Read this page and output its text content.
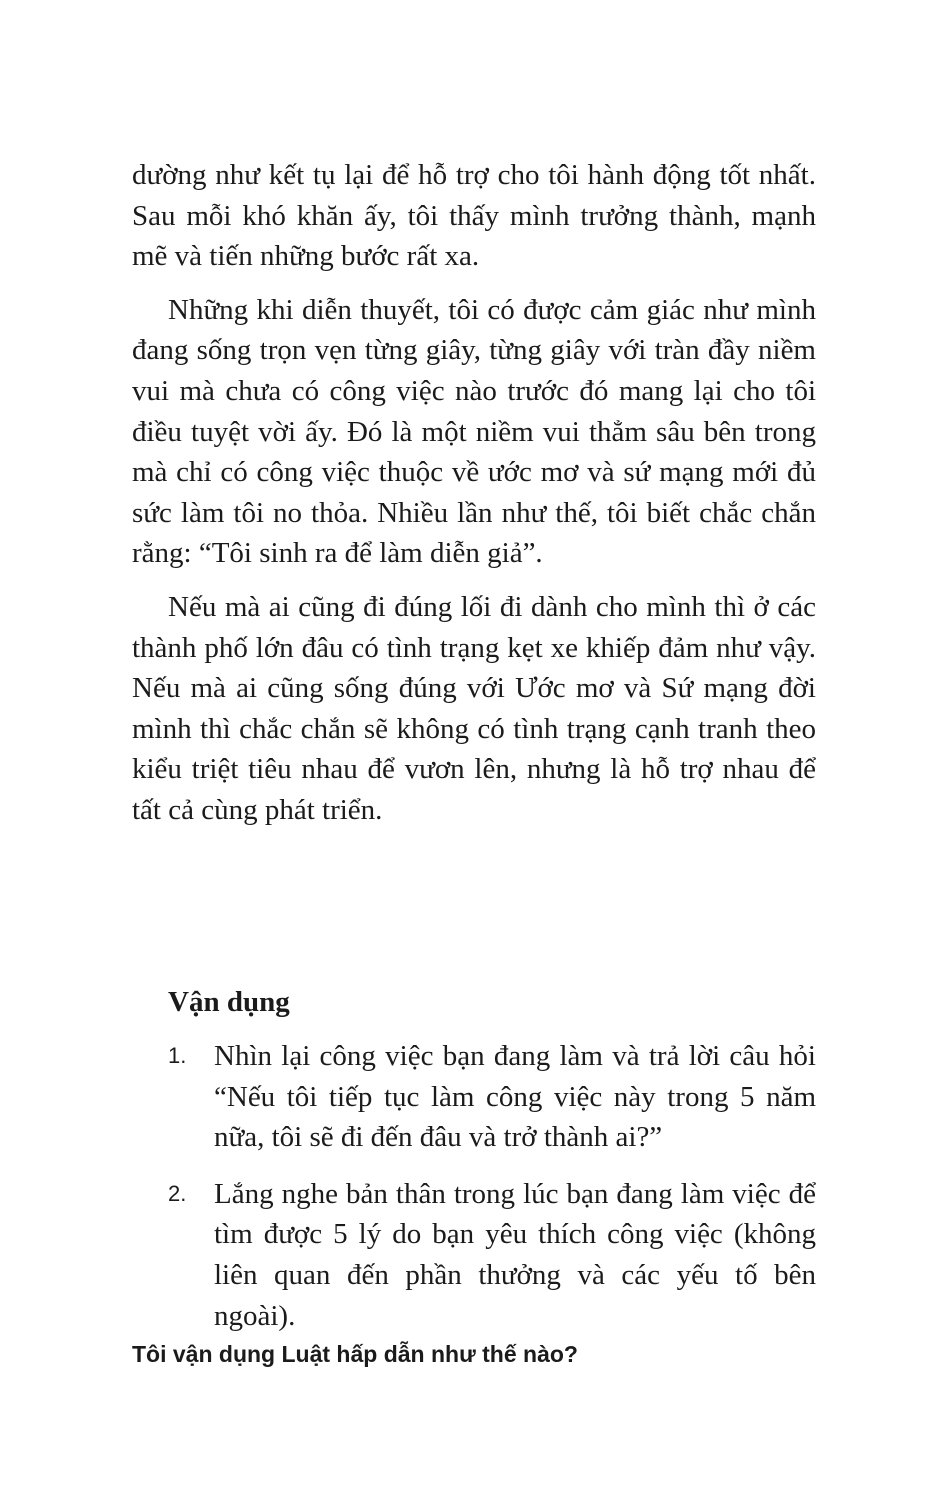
dường như kết tụ lại để hỗ trợ cho tôi hành động tốt nhất. Sau mỗi khó khăn ấy, tôi thấy mình trưởng thành, mạnh mẽ và tiến những bước rất xa.

Những khi diễn thuyết, tôi có được cảm giác như mình đang sống trọn vẹn từng giây, từng giây với tràn đầy niềm vui mà chưa có công việc nào trước đó mang lại cho tôi điều tuyệt vời ấy. Đó là một niềm vui thẳm sâu bên trong mà chỉ có công việc thuộc về ước mơ và sứ mạng mới đủ sức làm tôi no thỏa. Nhiều lần như thế, tôi biết chắc chắn rằng: “Tôi sinh ra để làm diễn giả”.

Nếu mà ai cũng đi đúng lối đi dành cho mình thì ở các thành phố lớn đâu có tình trạng kẹt xe khiếp đảm như vậy. Nếu mà ai cũng sống đúng với Ước mơ và Sứ mạng đời mình thì chắc chắn sẽ không có tình trạng cạnh tranh theo kiểu triệt tiêu nhau để vươn lên, nhưng là hỗ trợ nhau để tất cả cùng phát triển.

Vận dụng
1. Nhìn lại công việc bạn đang làm và trả lời câu hỏi “Nếu tôi tiếp tục làm công việc này trong 5 năm nữa, tôi sẽ đi đến đâu và trở thành ai?”
2. Lắng nghe bản thân trong lúc bạn đang làm việc để tìm được 5 lý do bạn yêu thích công việc (không liên quan đến phần thưởng và các yếu tố bên ngoài).
Tôi vận dụng Luật hấp dẫn như thế nào?
